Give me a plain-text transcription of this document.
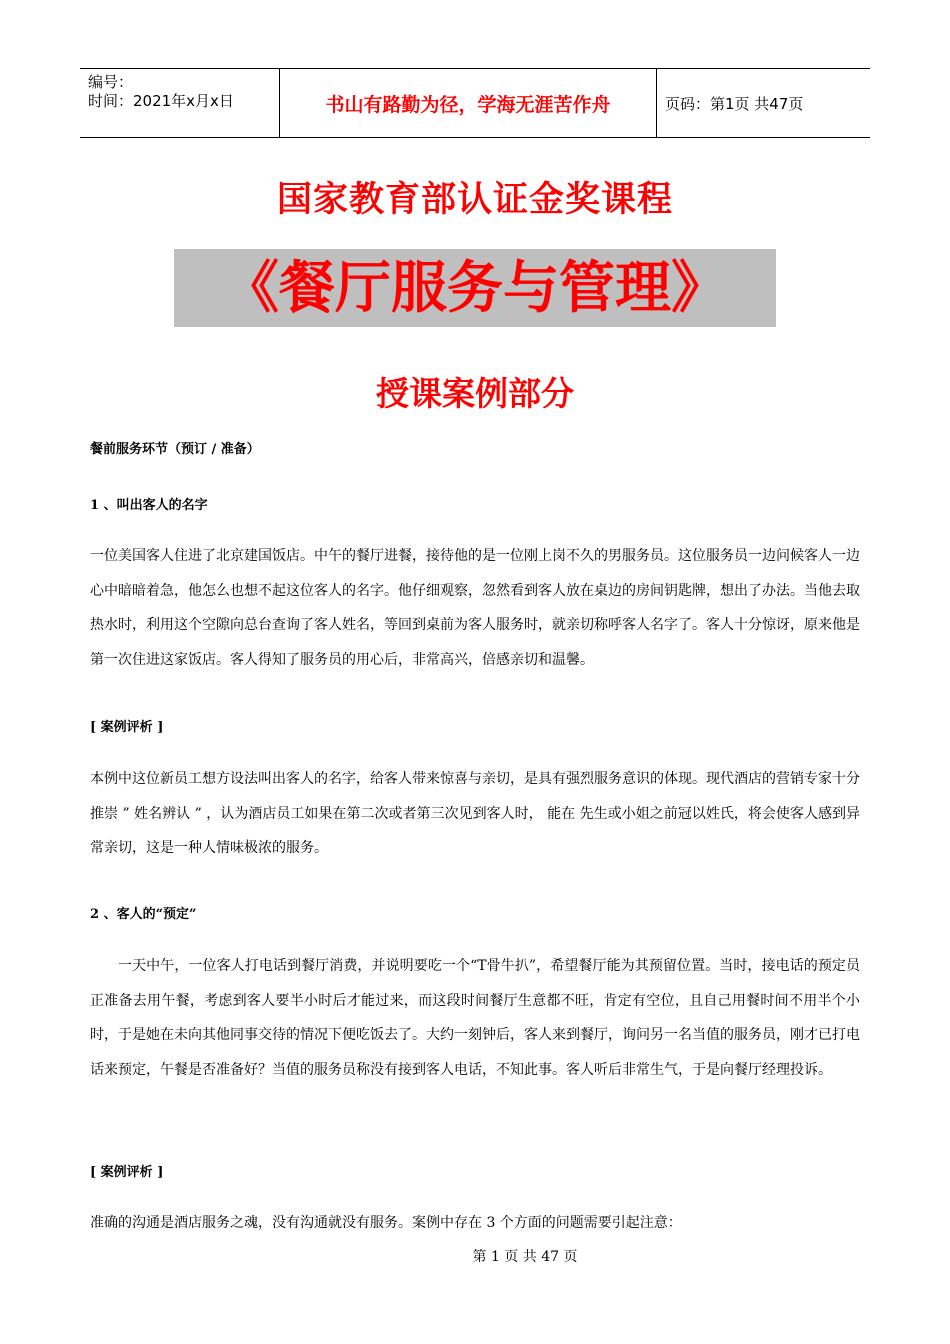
编号：
时间：2021年x月x日	书山有路勤为径，学海无涯苦作舟	页码：第1页 共47页
国家教育部认证金奖课程
《餐厅服务与管理》
授课案例部分
餐前服务环节（预订 / 准备）
1 、叫出客人的名字
一位美国客人住进了北京建国饭店。中午的餐厅进餐，接待他的是一位刚上岗不久的男服务员。这位服务员一边问候客人一边心中暗暗着急，他怎么也想不起这位客人的名字。他仔细观察，忽然看到客人放在桌边的房间钥匙牌，想出了办法。当他去取热水时，利用这个空隙向总台查询了客人姓名，等回到桌前为客人服务时，就亲切称呼客人名字了。客人十分惊讶，原来他是第一次住进这家饭店。客人得知了服务员的用心后，非常高兴，倍感亲切和温馨。
[ 案例评析 ]
本例中这位新员工想方设法叫出客人的名字，给客人带来惊喜与亲切，是具有强烈服务意识的体现。现代酒店的营销专家十分推崇 ” 姓名辨认 ” ，认为酒店员工如果在第二次或者第三次见到客人时， 能在 先生或小姐之前冠以姓氏，将会使客人感到异常亲切，这是一种人情味极浓的服务。
2 、客人的“预定”
一天中午，一位客人打电话到餐厅消费，并说明要吃一个“T骨牛扒”，希望餐厅能为其预留位置。当时，接电话的预定员正准备去用午餐，考虑到客人要半小时后才能过来，而这段时间餐厅生意都不旺，肯定有空位，且自己用餐时间不用半个小时，于是她在未向其他同事交待的情况下便吃饭去了。大约一刻钟后，客人来到餐厅，询问另一名当值的服务员，刚才已打电话来预定，午餐是否准备好？当值的服务员称没有接到客人电话，不知此事。客人听后非常生气，于是向餐厅经理投诉。
[ 案例评析 ]
准确的沟通是酒店服务之魂，没有沟通就没有服务。案例中存在 3 个方面的问题需要引起注意：
第 1 页 共 47 页
